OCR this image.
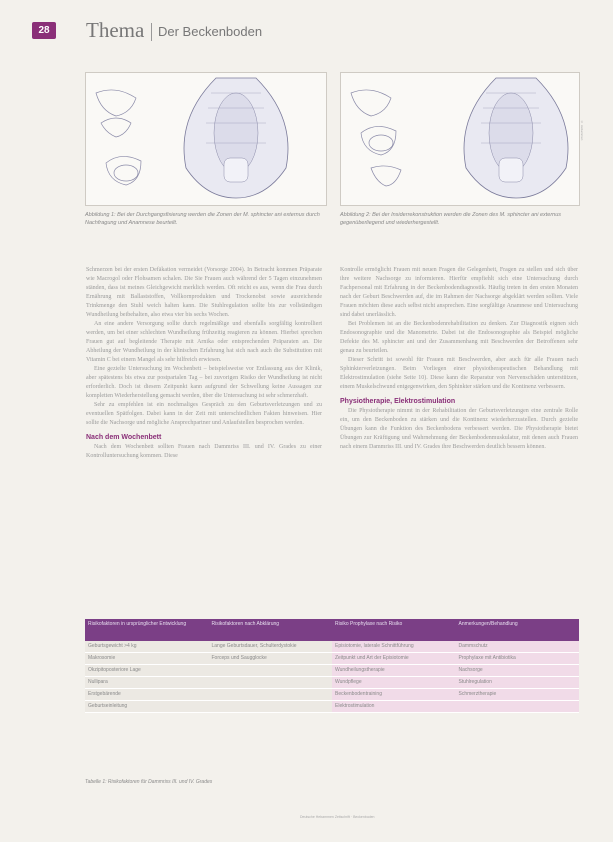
28	Thema Der Beckenboden
© Hebammen
Abbildung 1: Bei der Durchgangsfixierung werden die Zonen der M. sphincter ani externus durch Nachfragung und Anamnese beurteilt.
Abbildung 2: Bei der Insiderrekonstruktion werden die Zonen des M. sphincter ani externus gegenüberliegend und wiederhergestellt.

Schmerzen bei der ersten Defäkation vermeidet (Vorsorge 2004). In Betracht kommen Präparate wie Macrogol oder Flohsamen schalen. Die Sie Frauen auch während der 5 Tagen einzunehmen ständen, dass ist meines Gleichgewicht merklich werden. Oft reicht es aus, wenn die Frau durch Ernährung mit Ballaststoffen, Vollkornprodukten und Trockenobst sowie ausreichende Trinkmenge den Stuhl weich halten kann. Die Stuhlregulation sollte bis zur vollständigen Wundheilung beibehalten, also etwa vier bis sechs Wochen.

An eine andere Versorgung sollte durch regelmäßige und ebenfalls sorgfältig kontrolliert werden, um bei einer schlechten Wundheilung frühzeitig reagieren zu können. Hierbei sprechen Frauen gut auf begleitende Therapie mit Arnika oder entsprechenden Präparaten an. Die Abheilung der Wundheilung in der klinischen Erfahrung hat sich nach auch die Substitution mit Vitamin C bei einem Mangel als sehr hilfreich erwiesen.

Eine gezielte Untersuchung im Wochenbett – beispielsweise vor Entlassung aus der Klinik, aber spätestens bis etwa zur postpartalen Tag – bei zuvorigen Risiko der Wundheilung ist nicht erforderlich. Doch ist diesem Zeitpunkt kann aufgrund der Schwellung keine Aussagen zur kompletten Wiederherstellung gemacht werden, über die Untersuchung ist sehr schmerzhaft.

Sehr zu empfehlen ist ein nochmaliges Gespräch zu den Geburtsverletzungen und zu eventuellen Spätfolgen. Dabei kann in der Zeit mit unterschiedlichen Fakten hinweisen. Hier sollte die Nachsorge und mögliche Ansprechpartner und Anlaufstellen besprochen werden.

Nach dem Wochenbett

Nach dem Wochenbett sollten Frauen nach Dammriss III. und IV. Grades zu einer Kontrolluntersuchung kommen. Diese

Kontrolle ermöglicht Frauen mit neuen Fragen die Gelegenheit, Fragen zu stellen und sich über ihre weitere Nachsorge zu informieren. Hierfür empfiehlt sich eine Untersuchung durch Fachpersonal mit Erfahrung in der Beckenbodendiagnostik. Häufig treten in den ersten Monaten nach der Geburt Beschwerden auf, die im Rahmen der Nachsorge abgeklärt werden sollten. Viele Frauen möchten diese auch selbst nicht ansprechen. Eine sorgfältige Anamnese und Untersuchung sind dabei unerlässlich.

Bei Problemen ist an die Beckenbodenrehabilitation zu denken. Zur Diagnostik eignen sich Endosonographie und die Manometrie. Dabei ist die Endosonographie als Beispiel mögliche Defekte des M. sphincter ani und der Zusammenhang mit Beschwerden der Betroffenen sehr genau zu beurteilen.

Dieser Schritt ist sowohl für Frauen mit Beschwerden, aber auch für alle Frauen nach Sphinkterverletzungen. Beim Vorliegen einer physiotherapeutischen Behandlung mit Elektrostimulation (siehe Seite 10). Diese kann die Reparatur von Nervenschäden unterstützen, einem Muskelschwund entgegenwirken, den Sphinkter stärken und die Kontinenz verbessern.

Physiotherapie, Elektrostimulation

Die Physiotherapie nimmt in der Rehabilitation der Geburtsverletzungen eine zentrale Rolle ein, um den Beckenboden zu stärken und die Kontinenz wiederherzustellen. Durch gezielte Übungen kann die Funktion des Beckenbodens verbessert werden. Die Physiotherapie bietet Übungen zur Kräftigung und Wahrnehmung der Beckenbodenmuskulatur, mit denen auch Frauen nach einem Dammriss III. und IV. Grades ihre Beschwerden deutlich bessern können.

Risikofaktoren in ursprünglicher Entwicklung	Risikofaktoren nach Abklärung	Risiko Prophylaxe nach Risiko	Anmerkungen/Behandlung
Geburtsgewicht >4 kg	Lange Geburtsdauer, Schulterdystokie	Episiotomie, laterale Schnittführung	Dammschutz
Makrosomie	Forceps und Saugglocke	Zeitpunkt und Art der Episiotomie	Prophylaxe mit Antibiotika
Okzipitoposteriore Lage		Wundheilungstherapie	Nachsorge
Nullipara		Wundpflege	Stuhlregulation
Erstgebärende		Beckenbodentraining	Schmerztherapie
Geburtseinleitung		Elektrostimulation	
Tabelle 1: Risikofaktoren für Dammriss III. und IV. Grades
Deutsche Hebammen Zeitschrift · Beckenboden
